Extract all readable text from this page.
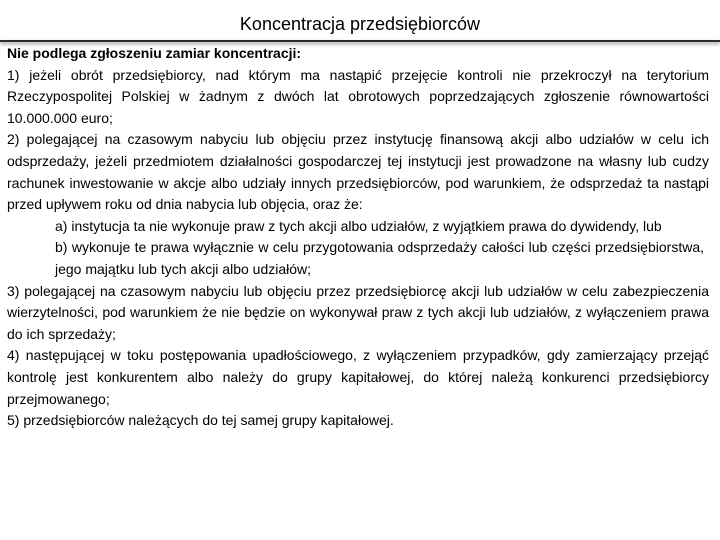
Koncentracja przedsiębiorców

Nie podlega zgłoszeniu zamiar koncentracji:

1) jeżeli obrót przedsiębiorcy, nad którym ma nastąpić przejęcie kontroli nie przekroczył na terytorium Rzeczypospolitej Polskiej w żadnym z dwóch lat obrotowych poprzedzających zgłoszenie równowartości 10.000.000 euro;

2) polegającej na czasowym nabyciu lub objęciu przez instytucję finansową akcji albo udziałów w celu ich odsprzedaży, jeżeli przedmiotem działalności gospodarczej tej instytucji jest prowadzone na własny lub cudzy rachunek inwestowanie w akcje albo udziały innych przedsiębiorców, pod warunkiem, że odsprzedaż ta nastąpi przed upływem roku od dnia nabycia lub objęcia, oraz że:

a) instytucja ta nie wykonuje praw z tych akcji albo udziałów, z wyjątkiem prawa do dywidendy, lub

b) wykonuje te prawa wyłącznie w celu przygotowania odsprzedaży całości lub części przedsiębiorstwa, jego majątku lub tych akcji albo udziałów;

3) polegającej na czasowym nabyciu lub objęciu przez przedsiębiorcę akcji lub udziałów w celu zabezpieczenia wierzytelności, pod warunkiem że nie będzie on wykonywał praw z tych akcji lub udziałów, z wyłączeniem prawa do ich sprzedaży;

4) następującej w toku postępowania upadłościowego, z wyłączeniem przypadków, gdy zamierzający przejąć kontrolę jest konkurentem albo należy do grupy kapitałowej, do której należą konkurenci przedsiębiorcy przejmowanego;

5) przedsiębiorców należących do tej samej grupy kapitałowej.
